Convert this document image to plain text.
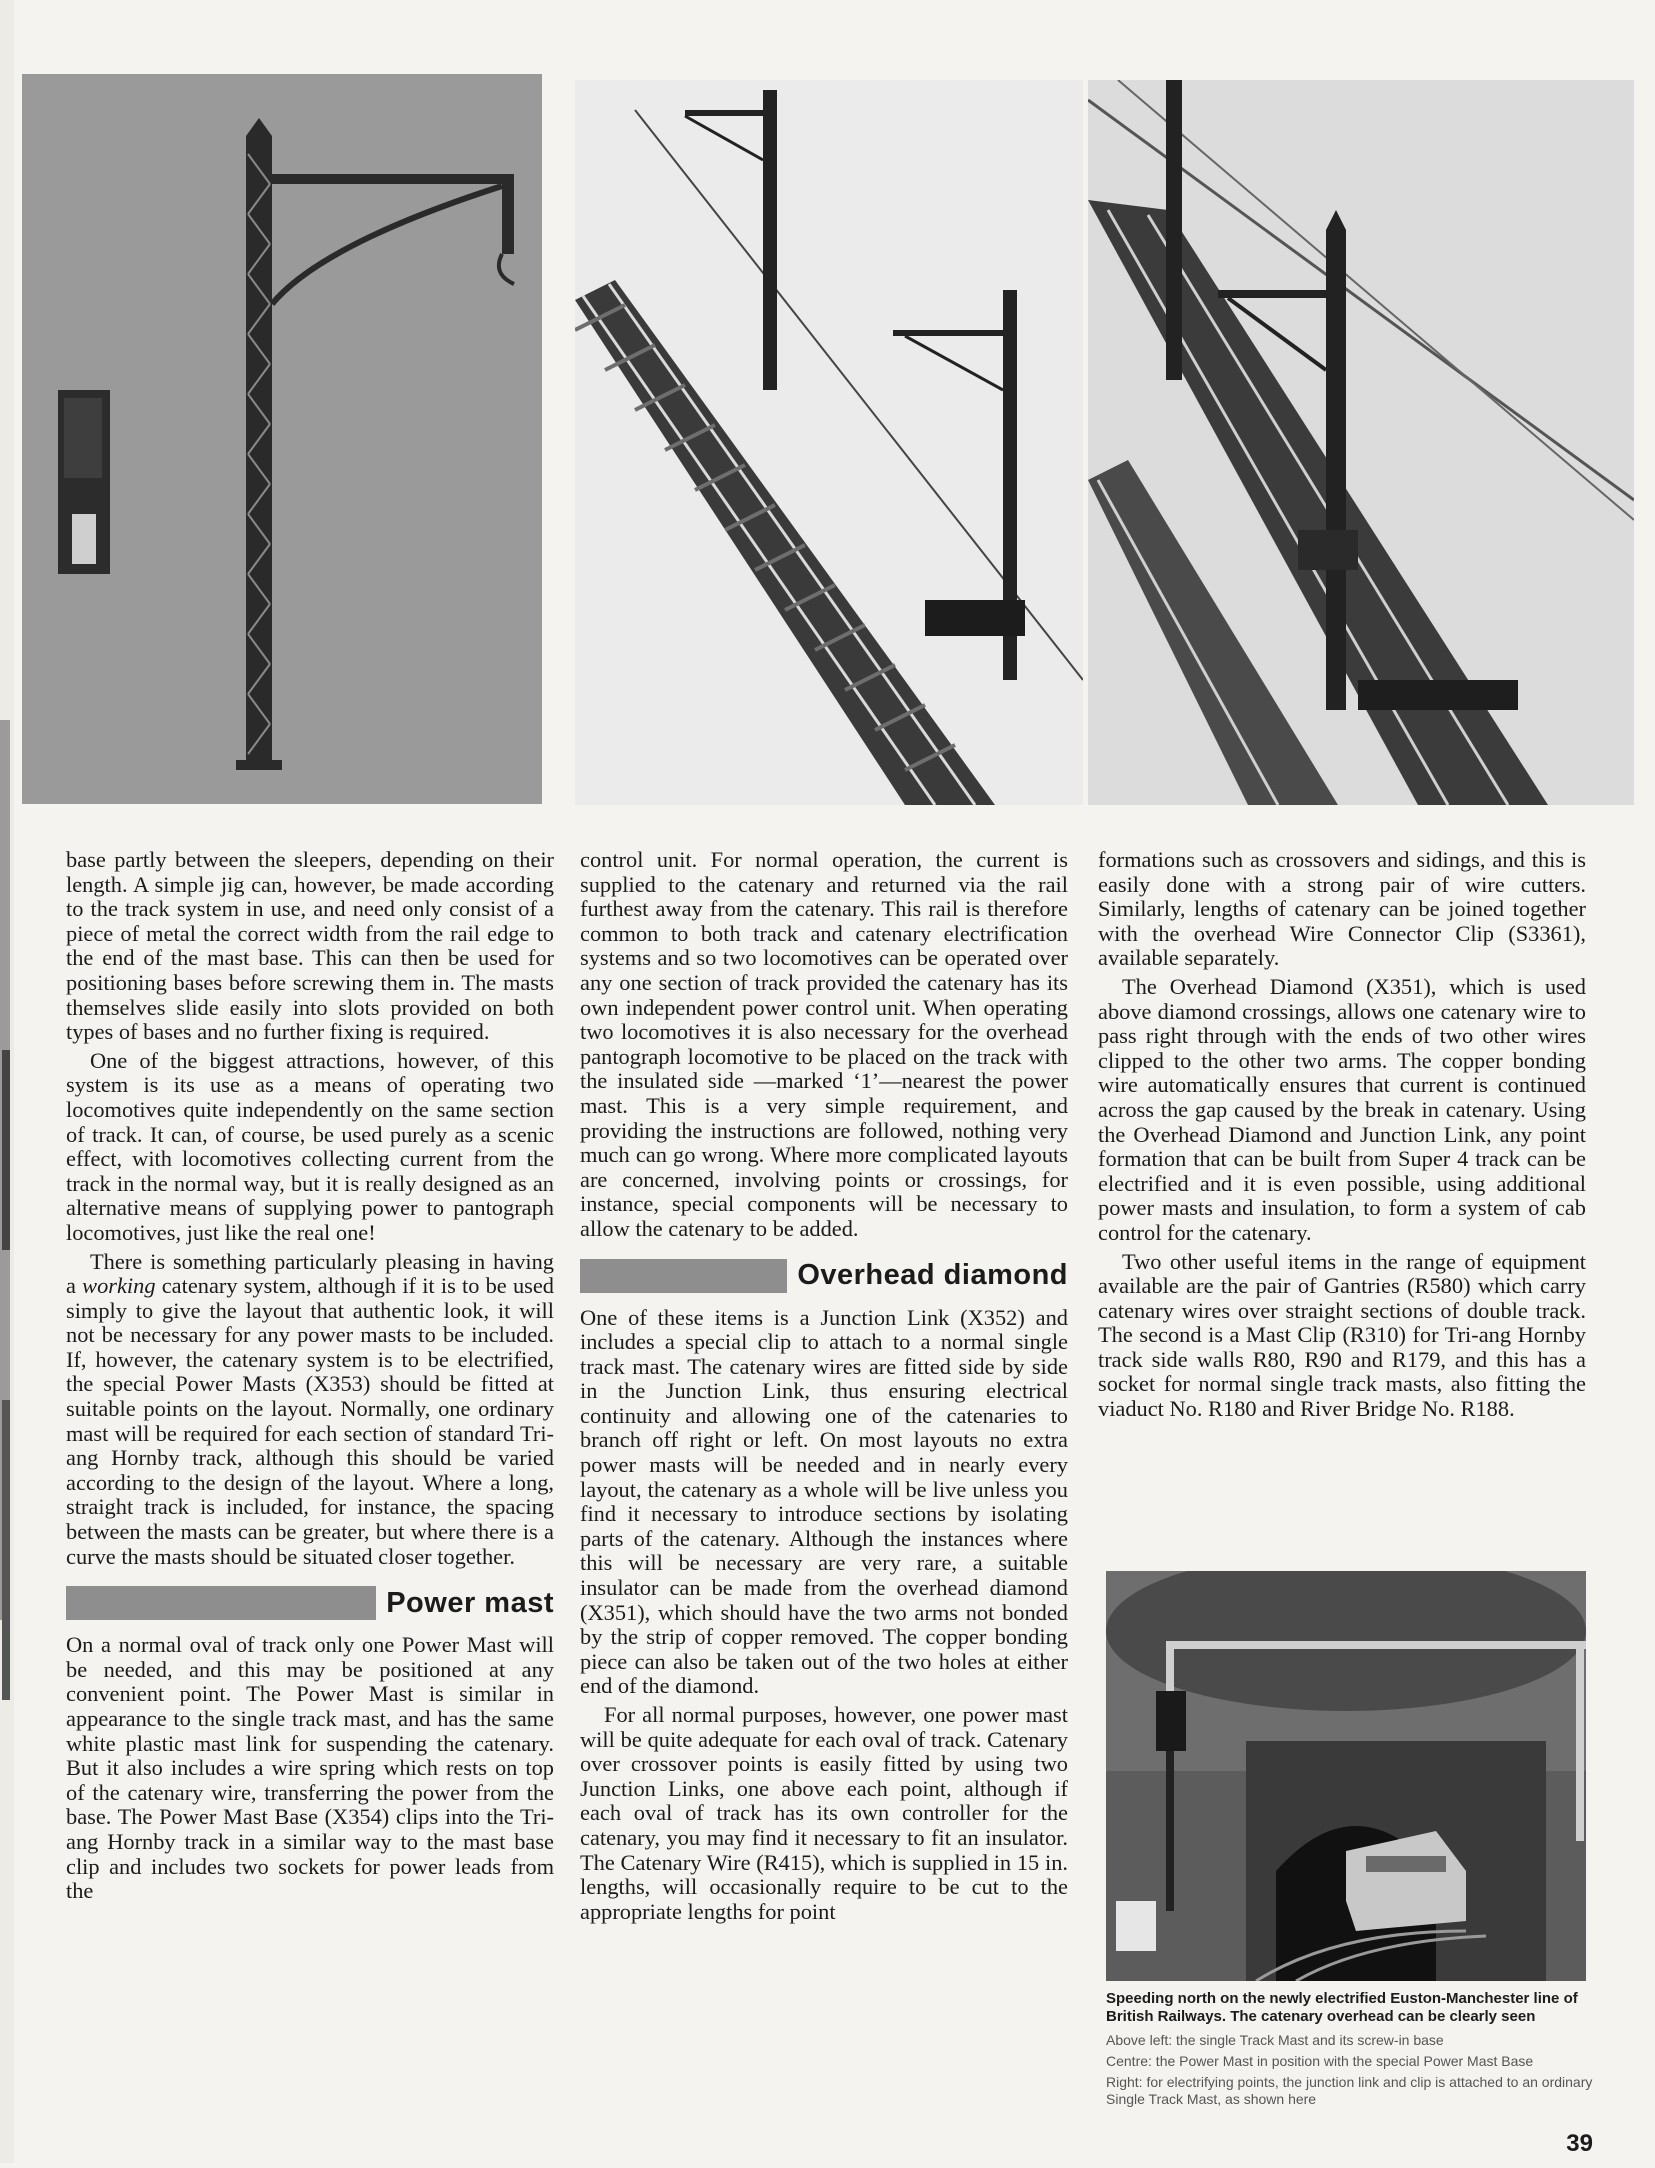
base partly between the sleepers, depending on their length. A simple jig can, however, be made according to the track system in use, and need only consist of a piece of metal the correct width from the rail edge to the end of the mast base. This can then be used for positioning bases before screwing them in. The masts themselves slide easily into slots provided on both types of bases and no further fixing is required.

One of the biggest attractions, however, of this system is its use as a means of operating two locomotives quite independently on the same section of track. It can, of course, be used purely as a scenic effect, with locomotives collecting current from the track in the normal way, but it is really designed as an alternative means of supplying power to pantograph locomotives, just like the real one!

There is something particularly pleasing in having a working catenary system, although if it is to be used simply to give the layout that authentic look, it will not be necessary for any power masts to be included. If, however, the catenary system is to be electrified, the special Power Masts (X353) should be fitted at suitable points on the layout. Normally, one ordinary mast will be required for each section of standard Tri-ang Hornby track, although this should be varied according to the design of the layout. Where a long, straight track is included, for instance, the spacing between the masts can be greater, but where there is a curve the masts should be situated closer together.

Power mast

On a normal oval of track only one Power Mast will be needed, and this may be positioned at any convenient point. The Power Mast is similar in appearance to the single track mast, and has the same white plastic mast link for suspending the catenary. But it also includes a wire spring which rests on top of the catenary wire, transferring the power from the base. The Power Mast Base (X354) clips into the Tri-ang Hornby track in a similar way to the mast base clip and includes two sockets for power leads from the

control unit. For normal operation, the current is supplied to the catenary and returned via the rail furthest away from the catenary. This rail is therefore common to both track and catenary electrification systems and so two locomotives can be operated over any one section of track provided the catenary has its own independent power control unit. When operating two locomotives it is also necessary for the overhead pantograph locomotive to be placed on the track with the insulated side —marked ‘1’—nearest the power mast. This is a very simple requirement, and providing the instructions are followed, nothing very much can go wrong. Where more complicated layouts are concerned, involving points or crossings, for instance, special components will be necessary to allow the catenary to be added.

Overhead diamond

One of these items is a Junction Link (X352) and includes a special clip to attach to a normal single track mast. The catenary wires are fitted side by side in the Junction Link, thus ensuring electrical continuity and allowing one of the catenaries to branch off right or left. On most layouts no extra power masts will be needed and in nearly every layout, the catenary as a whole will be live unless you find it necessary to introduce sections by isolating parts of the catenary. Although the instances where this will be necessary are very rare, a suitable insulator can be made from the overhead diamond (X351), which should have the two arms not bonded by the strip of copper removed. The copper bonding piece can also be taken out of the two holes at either end of the diamond.

For all normal purposes, however, one power mast will be quite adequate for each oval of track. Catenary over crossover points is easily fitted by using two Junction Links, one above each point, although if each oval of track has its own controller for the catenary, you may find it necessary to fit an insulator. The Catenary Wire (R415), which is supplied in 15 in. lengths, will occasionally require to be cut to the appropriate lengths for point

formations such as crossovers and sidings, and this is easily done with a strong pair of wire cutters. Similarly, lengths of catenary can be joined together with the overhead Wire Connector Clip (S3361), available separately.

The Overhead Diamond (X351), which is used above diamond crossings, allows one catenary wire to pass right through with the ends of two other wires clipped to the other two arms. The copper bonding wire automatically ensures that current is continued across the gap caused by the break in catenary. Using the Overhead Diamond and Junction Link, any point formation that can be built from Super 4 track can be electrified and it is even possible, using additional power masts and insulation, to form a system of cab control for the catenary.

Two other useful items in the range of equipment available are the pair of Gantries (R580) which carry catenary wires over straight sections of double track. The second is a Mast Clip (R310) for Tri-ang Hornby track side walls R80, R90 and R179, and this has a socket for normal single track masts, also fitting the viaduct No. R180 and River Bridge No. R188.

Speeding north on the newly electrified Euston-Manchester line of British Railways. The catenary overhead can be clearly seen

Above left: the single Track Mast and its screw-in base

Centre: the Power Mast in position with the special Power Mast Base

Right: for electrifying points, the junction link and clip is attached to an ordinary Single Track Mast, as shown here

39
